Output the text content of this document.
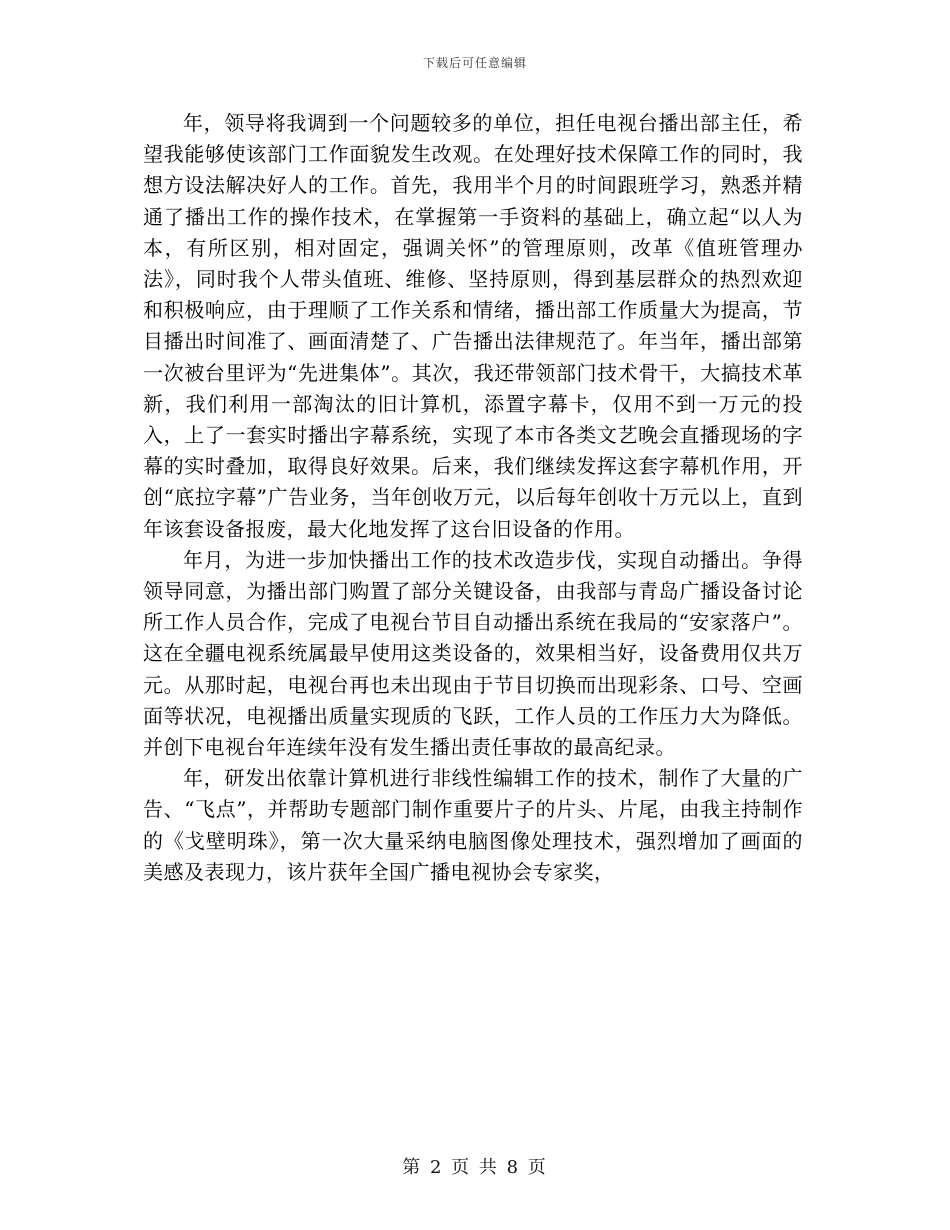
下载后可任意编辑

年，领导将我调到一个问题较多的单位，担任电视台播出部主任，希望我能够使该部门工作面貌发生改观。在处理好技术保障工作的同时，我想方设法解决好人的工作。首先，我用半个月的时间跟班学习，熟悉并精通了播出工作的操作技术，在掌握第一手资料的基础上，确立起“以人为本，有所区别，相对固定，强调关怀”的管理原则，改革《值班管理办法》，同时我个人带头值班、维修、坚持原则，得到基层群众的热烈欢迎和积极响应，由于理顺了工作关系和情绪，播出部工作质量大为提高，节目播出时间准了、画面清楚了、广告播出法律规范了。年当年，播出部第一次被台里评为“先进集体”。其次，我还带领部门技术骨干，大搞技术革新，我们利用一部淘汰的旧计算机，添置字幕卡，仅用不到一万元的投入，上了一套实时播出字幕系统，实现了本市各类文艺晚会直播现场的字幕的实时叠加，取得良好效果。后来，我们继续发挥这套字幕机作用，开创“底拉字幕”广告业务，当年创收万元，以后每年创收十万元以上，直到年该套设备报废，最大化地发挥了这台旧设备的作用。

年月，为进一步加快播出工作的技术改造步伐，实现自动播出。争得领导同意，为播出部门购置了部分关键设备，由我部与青岛广播设备讨论所工作人员合作，完成了电视台节目自动播出系统在我局的“安家落户”。这在全疆电视系统属最早使用这类设备的，效果相当好，设备费用仅共万元。从那时起，电视台再也未出现由于节目切换而出现彩条、口号、空画面等状况，电视播出质量实现质的飞跃，工作人员的工作压力大为降低。并创下电视台年连续年没有发生播出责任事故的最高纪录。

年，研发出依靠计算机进行非线性编辑工作的技术，制作了大量的广告、“飞点”，并帮助专题部门制作重要片子的片头、片尾，由我主持制作的《戈壁明珠》，第一次大量采纳电脑图像处理技术，强烈增加了画面的美感及表现力，该片获年全国广播电视协会专家奖，

第 2 页 共 8 页
